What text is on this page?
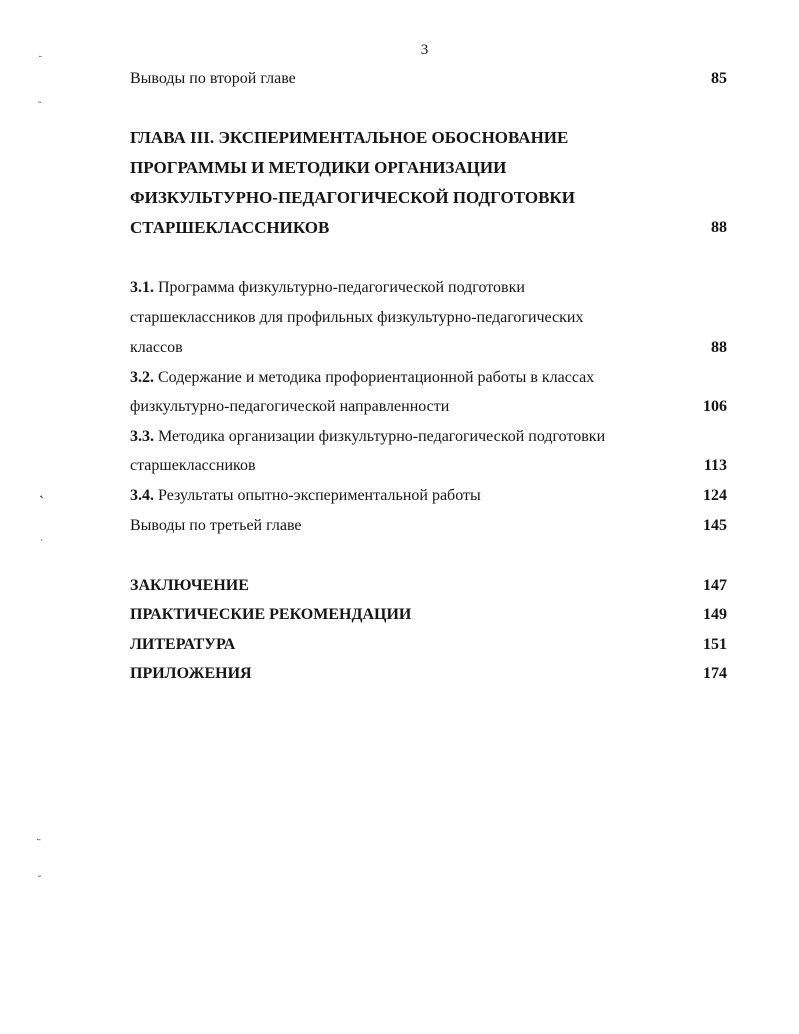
3
Выводы по второй главе	85
ГЛАВА III. ЭКСПЕРИМЕНТАЛЬНОЕ ОБОСНОВАНИЕ
ПРОГРАММЫ И МЕТОДИКИ ОРГАНИЗАЦИИ
ФИЗКУЛЬТУРНО-ПЕДАГОГИЧЕСКОЙ ПОДГОТОВКИ
СТАРШЕКЛАССНИКОВ	88
3.1. Программа физкультурно-педагогической подготовки
старшеклассников для профильных физкультурно-педагогических
классов	88
3.2. Содержание и методика профориентационной работы в классах
физкультурно-педагогической направленности	106
3.3. Методика организации физкультурно-педагогической подготовки
старшеклассников	113
3.4. Результаты опытно-экспериментальной работы	124
Выводы по третьей главе	145
ЗАКЛЮЧЕНИЕ	147
ПРАКТИЧЕСКИЕ РЕКОМЕНДАЦИИ	149
ЛИТЕРАТУРА	151
ПРИЛОЖЕНИЯ	174
˘
˵
˞
˴
˾
˶
